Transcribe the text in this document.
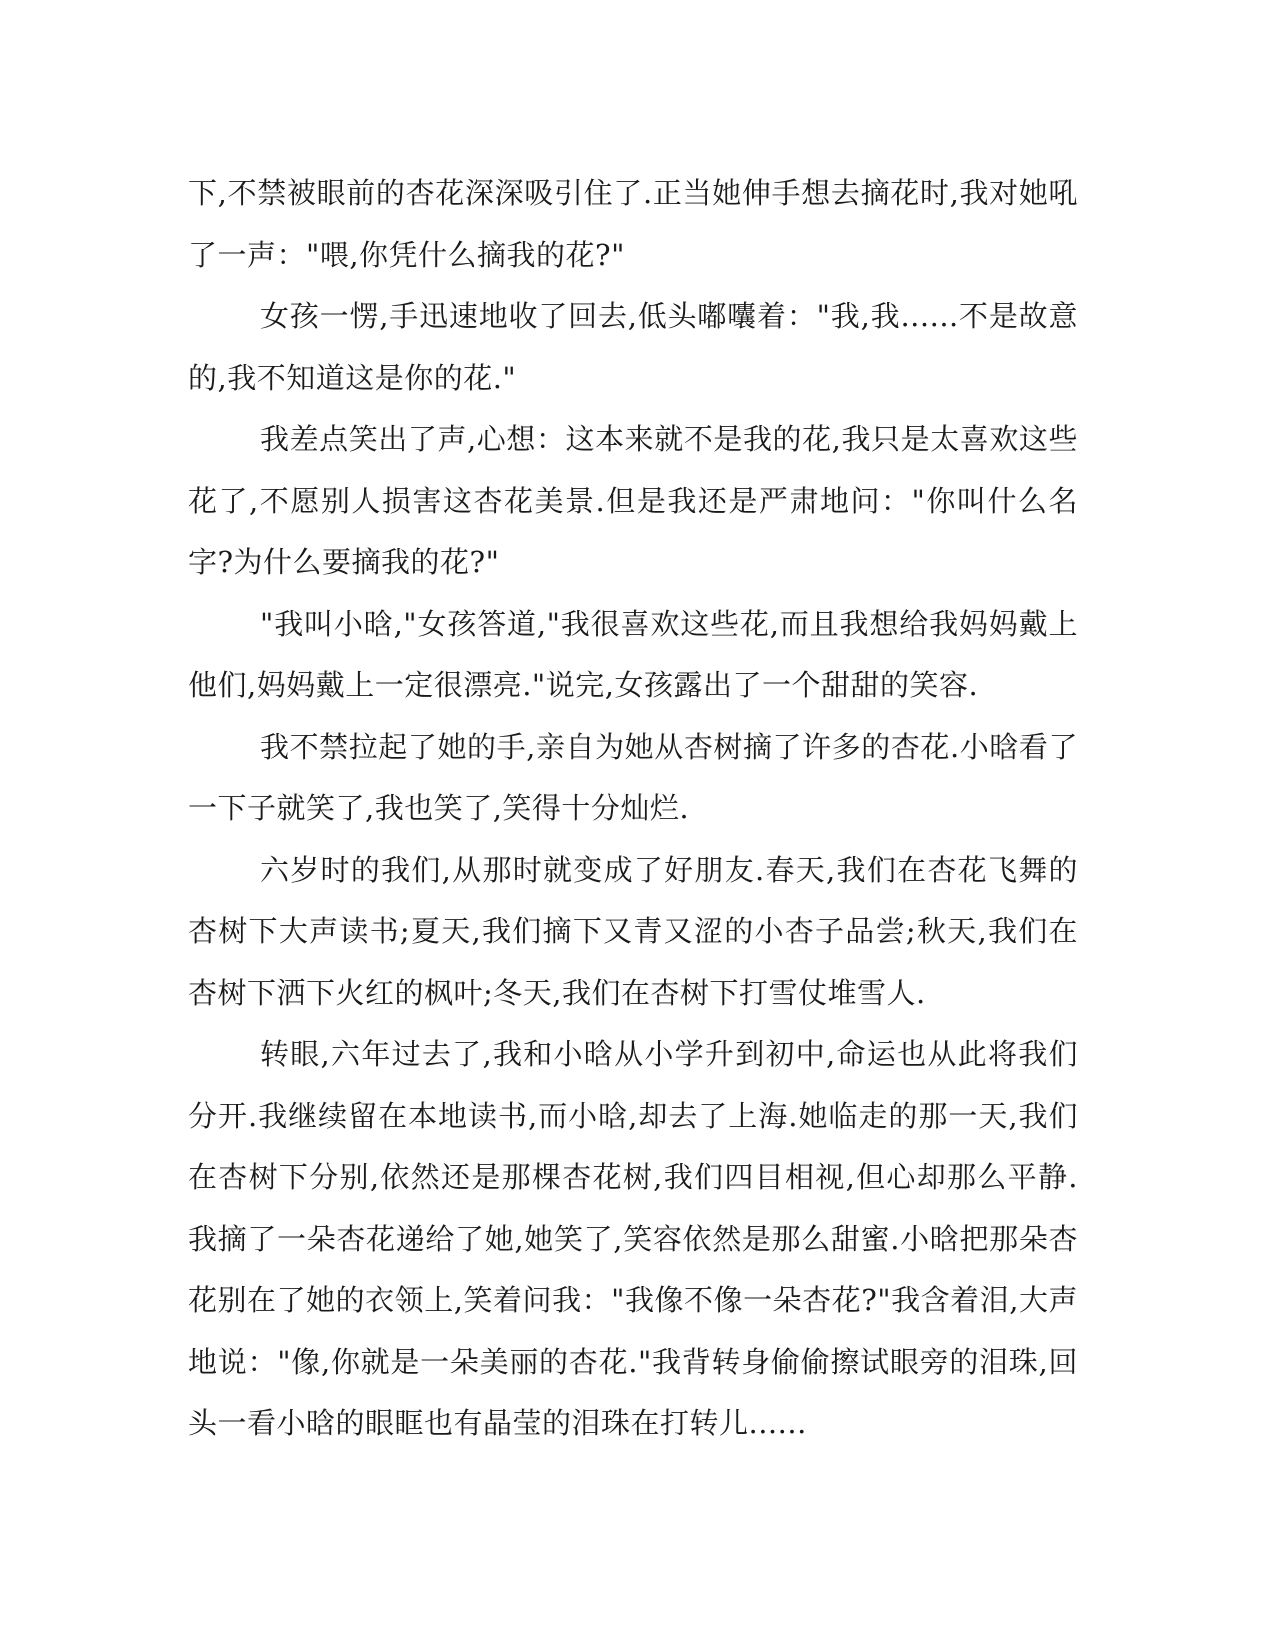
下,不禁被眼前的杏花深深吸引住了.正当她伸手想去摘花时,我对她吼了一声："喂,你凭什么摘我的花?"

女孩一愣,手迅速地收了回去,低头嘟囔着："我,我......不是故意的,我不知道这是你的花."

我差点笑出了声,心想：这本来就不是我的花,我只是太喜欢这些花了,不愿别人损害这杏花美景.但是我还是严肃地问："你叫什么名字?为什么要摘我的花?"

"我叫小晗,"女孩答道,"我很喜欢这些花,而且我想给我妈妈戴上他们,妈妈戴上一定很漂亮."说完,女孩露出了一个甜甜的笑容.

我不禁拉起了她的手,亲自为她从杏树摘了许多的杏花.小晗看了一下子就笑了,我也笑了,笑得十分灿烂.

六岁时的我们,从那时就变成了好朋友.春天,我们在杏花飞舞的杏树下大声读书;夏天,我们摘下又青又涩的小杏子品尝;秋天,我们在杏树下洒下火红的枫叶;冬天,我们在杏树下打雪仗堆雪人.

转眼,六年过去了,我和小晗从小学升到初中,命运也从此将我们分开.我继续留在本地读书,而小晗,却去了上海.她临走的那一天,我们在杏树下分别,依然还是那棵杏花树,我们四目相视,但心却那么平静.我摘了一朵杏花递给了她,她笑了,笑容依然是那么甜蜜.小晗把那朵杏花别在了她的衣领上,笑着问我："我像不像一朵杏花?"我含着泪,大声地说："像,你就是一朵美丽的杏花."我背转身偷偷擦试眼旁的泪珠,回头一看小晗的眼眶也有晶莹的泪珠在打转儿......
